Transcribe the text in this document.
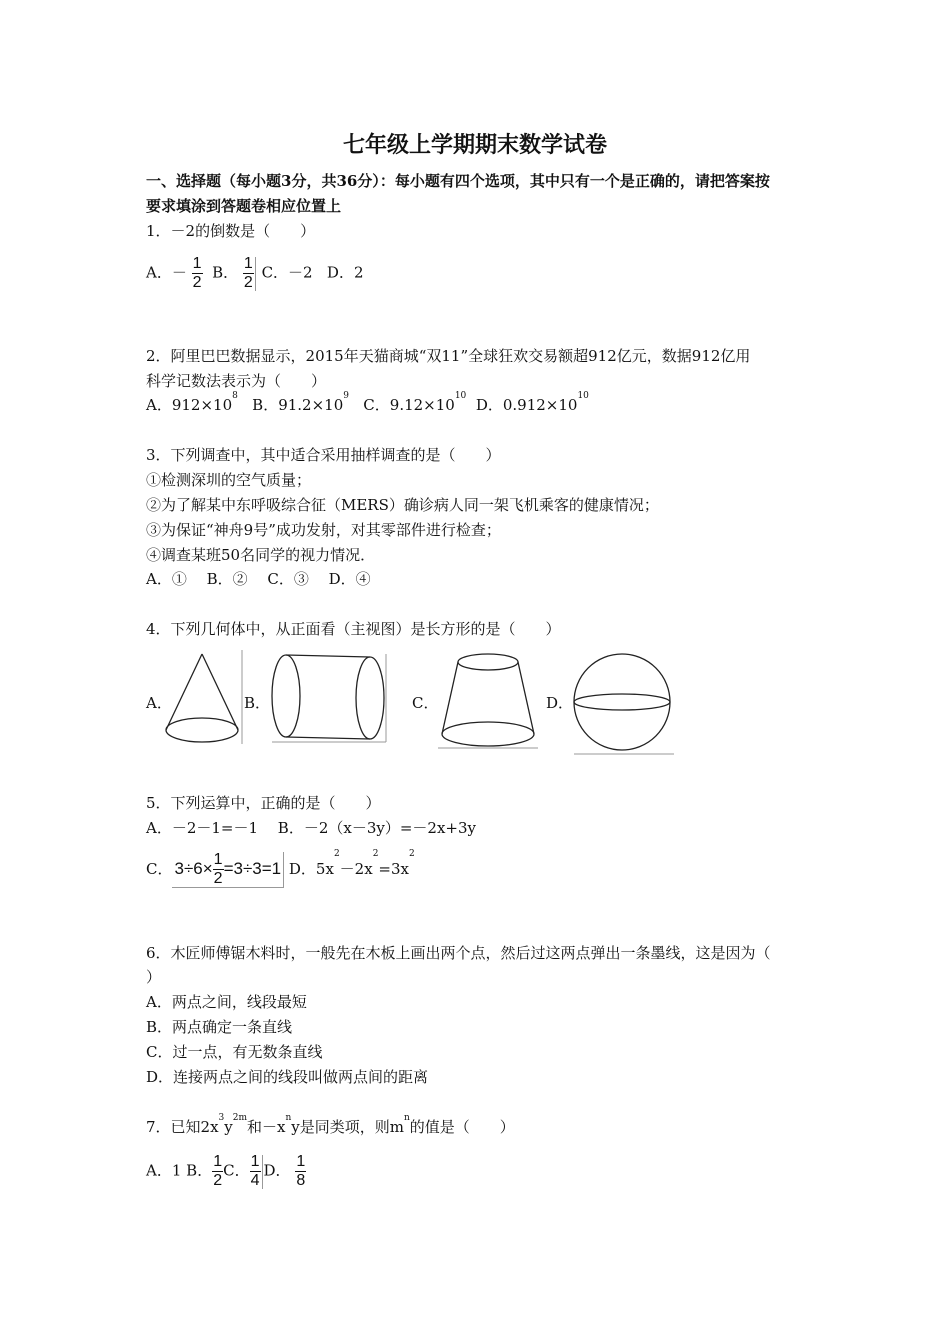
七年级上学期期末数学试卷
一、选择题（每小题3分，共36分）：每小题有四个选项，其中只有一个是正确的，请把答案按
要求填涂到答题卷相应位置上
1．－2的倒数是（　　）
A．－ $\frac{1}{2}$ B． $\frac{1}{2}$ C．－2 D．2
2．阿里巴巴数据显示，2015年天猫商城“双11”全球狂欢交易额超912亿元，数据912亿用
科学记数法表示为（　　）
A．$912\times 10^8$ B．$91.2\times 10^9$ C．$9.12\times 10^{10}$ D．$0.912\times 10^{10}$
3．下列调查中，其中适合采用抽样调查的是（　　）
①检测深圳的空气质量；
②为了解某中东呼吸综合征（MERS）确诊病人同一架飞机乘客的健康情况；
③为保证“神舟9号”成功发射，对其零部件进行检查；
④调查某班50名同学的视力情况．
A．①　 B．②　 C．③　 D．④
4．下列几何体中，从正面看（主视图）是长方形的是（　　）
A．	B．	C．	D．
5．下列运算中，正确的是（　　）
A．－2－1=－1　 B．－2（x－3y）=－2x+3y
C． $3\div 6\times \frac{1}{2} =3\div 3=1$ D．$5x^2-2x^2=3x^2$
6．木匠师傅锯木料时，一般先在木板上画出两个点，然后过这两点弹出一条墨线，这是因为（
）
A．两点之间，线段最短
B．两点确定一条直线
C．过一点，有无数条直线
D．连接两点之间的线段叫做两点间的距离
7．已知$2x^3y^{2m}$和$-x^ny$是同类项，则$m^n$的值是（　　）
A．1 B． $\frac{1}{2}$ C． $\frac{1}{4}$ D． $\frac{1}{8}$
